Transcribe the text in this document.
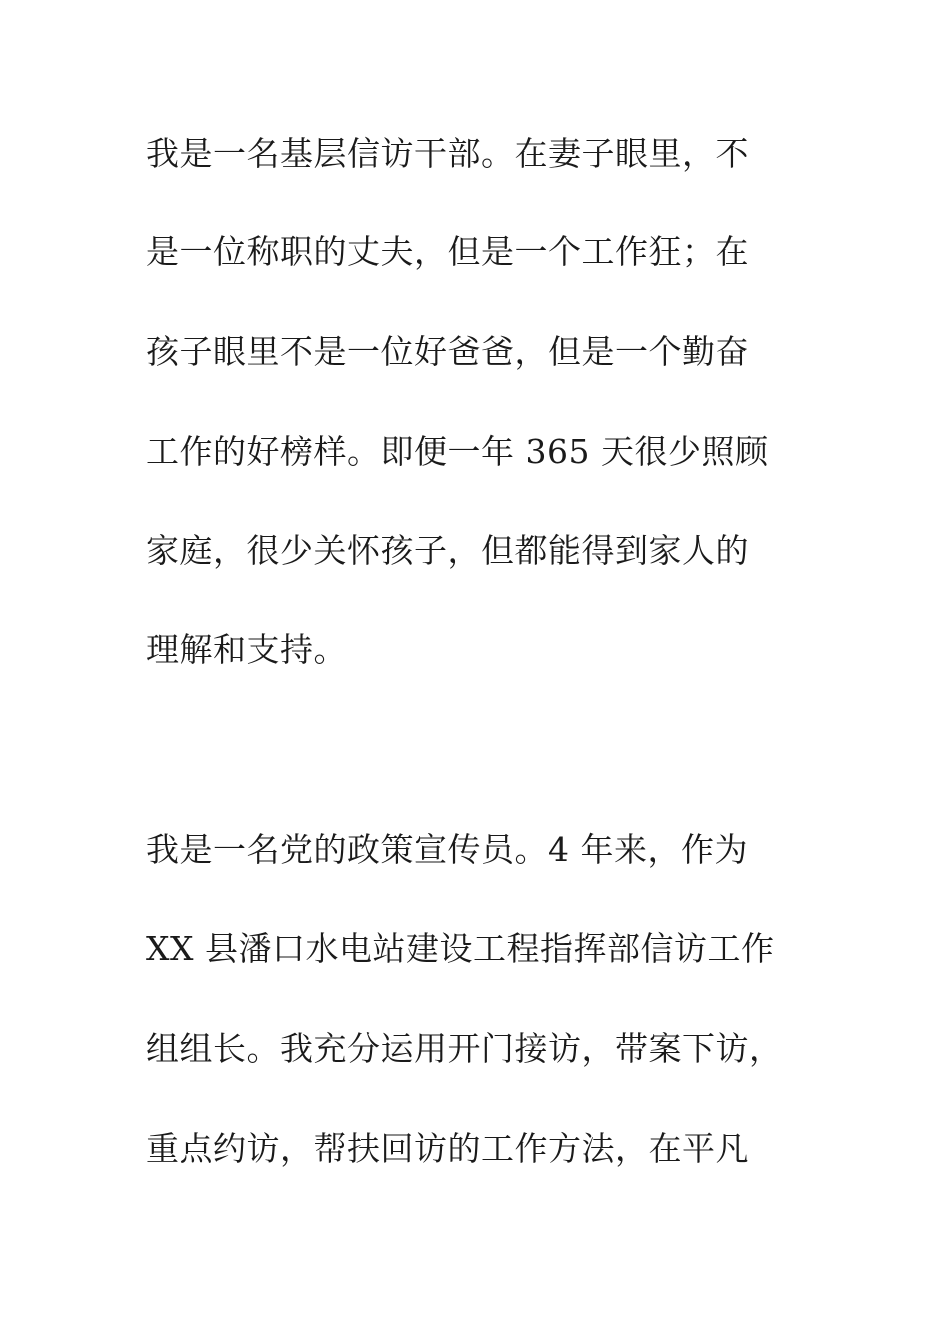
我是一名基层信访干部。在妻子眼里，不
是一位称职的丈夫，但是一个工作狂；在
孩子眼里不是一位好爸爸，但是一个勤奋
工作的好榜样。即便一年 365 天很少照顾
家庭，很少关怀孩子，但都能得到家人的
理解和支持。
我是一名党的政策宣传员。4 年来，作为
XX 县潘口水电站建设工程指挥部信访工作
组组长。我充分运用开门接访，带案下访，
重点约访，帮扶回访的工作方法，在平凡
